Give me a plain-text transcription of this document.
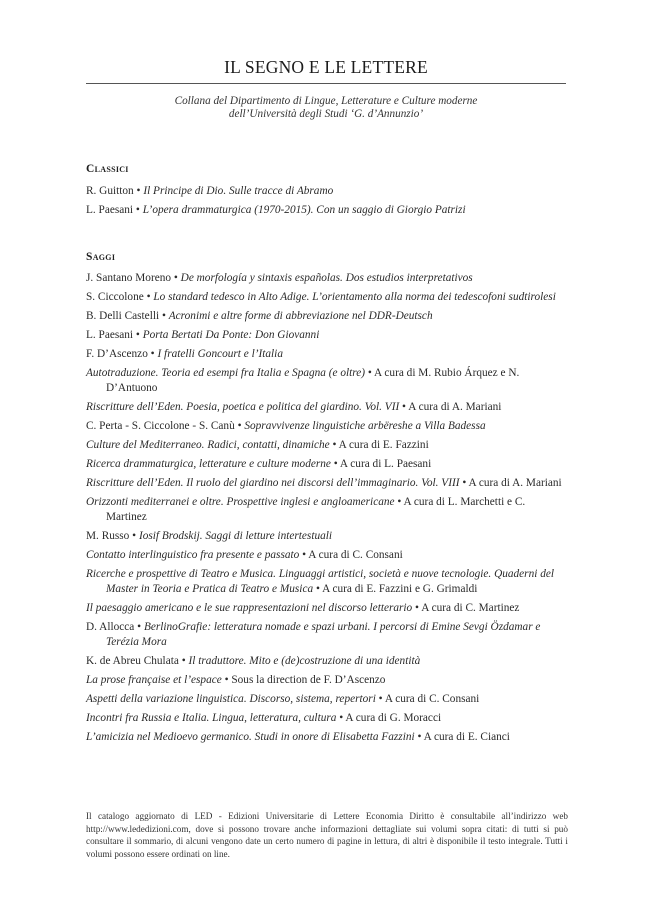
IL SEGNO E LE LETTERE
Collana del Dipartimento di Lingue, Letterature e Culture moderne
dell’Università degli Studi ‘G. d’Annunzio’
Classici
R. Guitton • Il Principe di Dio. Sulle tracce di Abramo
L. Paesani • L’opera drammaturgica (1970-2015). Con un saggio di Giorgio Patrizi
Saggi
J. Santano Moreno • De morfología y sintaxis españolas. Dos estudios interpretativos
S. Ciccolone • Lo standard tedesco in Alto Adige. L’orientamento alla norma dei tedescofoni sudtirolesi
B. Delli Castelli • Acronimi e altre forme di abbreviazione nel DDR-Deutsch
L. Paesani • Porta Bertati Da Ponte: Don Giovanni
F. D’Ascenzo • I fratelli Goncourt e l’Italia
Autotraduzione. Teoria ed esempi fra Italia e Spagna (e oltre) • A cura di M. Rubio Árquez e N. D’Antuono
Riscritture dell’Eden. Poesia, poetica e politica del giardino. Vol. VII • A cura di A. Mariani
C. Perta - S. Ciccolone - S. Canù • Sopravvivenze linguistiche arbëreshe a Villa Badessa
Culture del Mediterraneo. Radici, contatti, dinamiche • A cura di E. Fazzini
Ricerca drammaturgica, letterature e culture moderne • A cura di L. Paesani
Riscritture dell’Eden. Il ruolo del giardino nei discorsi dell’immaginario. Vol. VIII • A cura di A. Mariani
Orizzonti mediterranei e oltre. Prospettive inglesi e angloamericane • A cura di L. Marchetti e C. Martinez
M. Russo • Iosif Brodskij. Saggi di letture intertestuali
Contatto interlinguistico fra presente e passato • A cura di C. Consani
Ricerche e prospettive di Teatro e Musica. Linguaggi artistici, società e nuove tecnologie. Quaderni del Master in Teoria e Pratica di Teatro e Musica • A cura di E. Fazzini e G. Grimaldi
Il paesaggio americano e le sue rappresentazioni nel discorso letterario • A cura di C. Martinez
D. Allocca • BerlinoGrafie: letteratura nomade e spazi urbani. I percorsi di Emine Sevgi Özdamar e Terézia Mora
K. de Abreu Chulata • Il traduttore. Mito e (de)costruzione di una identità
La prose française et l’espace • Sous la direction de F. D’Ascenzo
Aspetti della variazione linguistica. Discorso, sistema, repertori • A cura di C. Consani
Incontri fra Russia e Italia. Lingua, letteratura, cultura • A cura di G. Moracci
L’amicizia nel Medioevo germanico. Studi in onore di Elisabetta Fazzini • A cura di E. Cianci
Il catalogo aggiornato di LED - Edizioni Universitarie di Lettere Economia Diritto è consultabile all’indirizzo web http://www.lededizioni.com, dove si possono trovare anche informazioni dettagliate sui volumi sopra citati: di tutti si può consultare il sommario, di alcuni vengono date un certo numero di pagine in lettura, di altri è disponibile il testo integrale. Tutti i volumi possono essere ordinati on line.
